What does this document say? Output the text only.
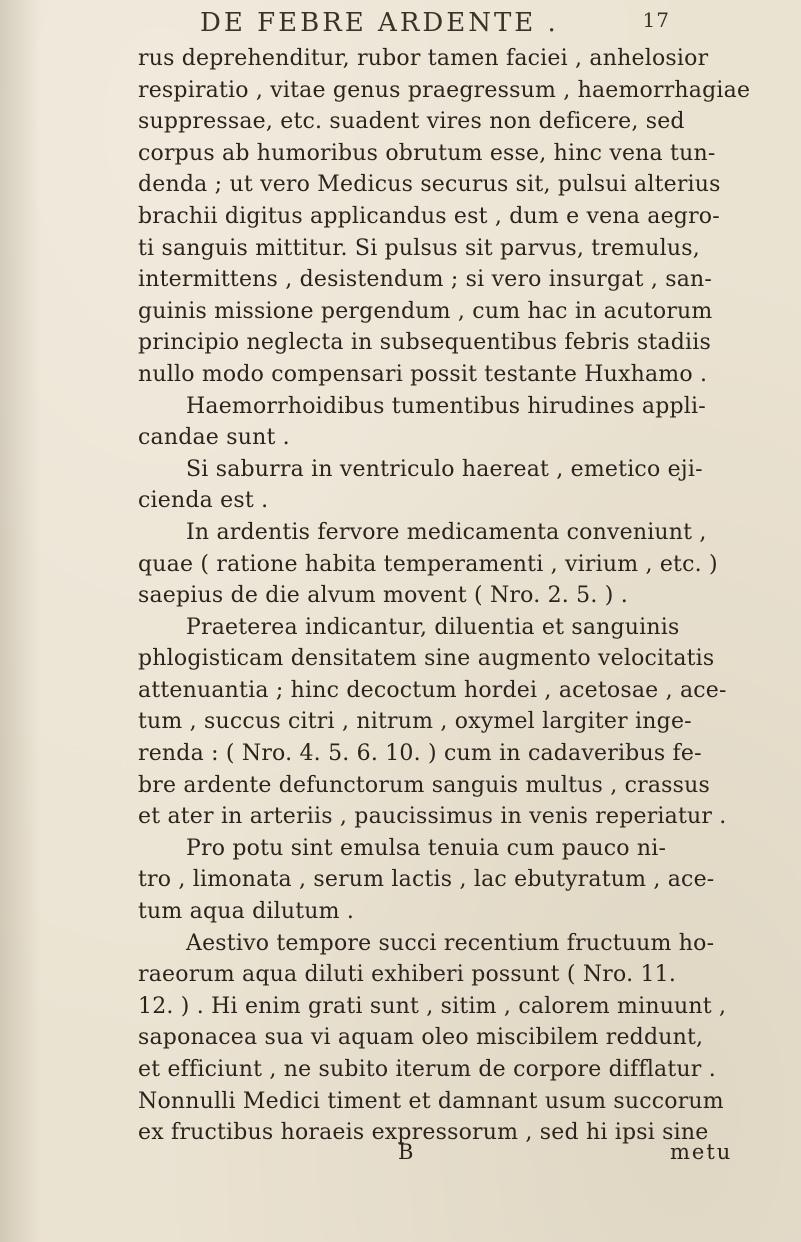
DE FEBRE ARDENTE .	17
rus deprehenditur, rubor tamen faciei , anhelosior
respiratio , vitae genus praegressum , haemorrhagiae
suppressae, etc. suadent vires non deficere, sed
corpus ab humoribus obrutum esse, hinc vena tun-
denda ; ut vero Medicus securus sit, pulsui alterius
brachii digitus applicandus est , dum e vena aegro-
ti sanguis mittitur. Si pulsus sit parvus, tremulus,
intermittens , desistendum ; si vero insurgat , san-
guinis missione pergendum , cum hac in acutorum
principio neglecta in subsequentibus febris stadiis
nullo modo compensari possit testante Huxhamo .
Haemorrhoidibus tumentibus hirudines appli-
candae sunt .
Si saburra in ventriculo haereat , emetico eji-
cienda est .
In ardentis fervore medicamenta conveniunt ,
quae ( ratione habita temperamenti , virium , etc. )
saepius de die alvum movent ( Nro. 2. 5. ) .
Praeterea indicantur, diluentia et sanguinis
phlogisticam densitatem sine augmento velocitatis
attenuantia ; hinc decoctum hordei , acetosae , ace-
tum , succus citri , nitrum , oxymel largiter inge-
renda : ( Nro. 4. 5. 6. 10. ) cum in cadaveribus fe-
bre ardente defunctorum sanguis multus , crassus
et ater in arteriis , paucissimus in venis reperiatur .
Pro potu sint emulsa tenuia cum pauco ni-
tro , limonata , serum lactis , lac ebutyratum , ace-
tum aqua dilutum .
Aestivo tempore succi recentium fructuum ho-
raeorum aqua diluti exhiberi possunt ( Nro. 11.
12. ) . Hi enim grati sunt , sitim , calorem minuunt ,
saponacea sua vi aquam oleo miscibilem reddunt,
et efficiunt , ne subito iterum de corpore difflatur .
Nonnulli Medici timent et damnant usum succorum
ex fructibus horaeis expressorum , sed hi ipsi sine
B	metu
